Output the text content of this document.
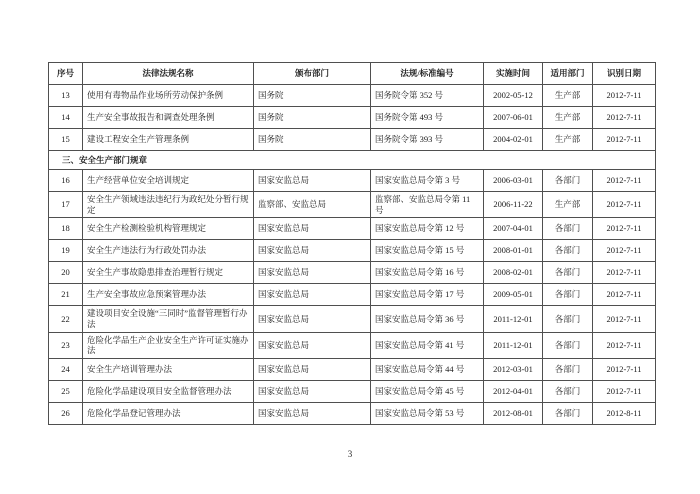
序号	法律法规名称	颁布部门	法规/标准编号	实施时间	适用部门	识别日期
13	使用有毒物品作业场所劳动保护条例	国务院	国务院令第 352 号	2002-05-12	生产部	2012-7-11
14	生产安全事故报告和调查处理条例	国务院	国务院令第 493 号	2007-06-01	生产部	2012-7-11
15	建设工程安全生产管理条例	国务院	国务院令第 393 号	2004-02-01	生产部	2012-7-11
三、安全生产部门规章						
16	生产经营单位安全培训规定	国家安监总局	国家安监总局令第 3 号	2006-03-01	各部门	2012-7-11
17	安全生产领域违法违纪行为政纪处分暂行规定	监察部、安监总局	监察部、安监总局令第 11 号	2006-11-22	生产部	2012-7-11
18	安全生产检测检验机构管理规定	国家安监总局	国家安监总局令第 12 号	2007-04-01	各部门	2012-7-11
19	安全生产违法行为行政处罚办法	国家安监总局	国家安监总局令第 15 号	2008-01-01	各部门	2012-7-11
20	安全生产事故隐患排查治理暂行规定	国家安监总局	国家安监总局令第 16 号	2008-02-01	各部门	2012-7-11
21	生产安全事故应急预案管理办法	国家安监总局	国家安监总局令第 17 号	2009-05-01	各部门	2012-7-11
22	建设项目安全设施“三同时”监督管理暂行办法	国家安监总局	国家安监总局令第 36 号	2011-12-01	各部门	2012-7-11
23	危险化学品生产企业安全生产许可证实施办法	国家安监总局	国家安监总局令第 41 号	2011-12-01	各部门	2012-7-11
24	安全生产培训管理办法	国家安监总局	国家安监总局令第 44 号	2012-03-01	各部门	2012-7-11
25	危险化学品建设项目安全监督管理办法	国家安监总局	国家安监总局令第 45 号	2012-04-01	各部门	2012-7-11
26	危险化学品登记管理办法	国家安监总局	国家安监总局令第 53 号	2012-08-01	各部门	2012-8-11
3
